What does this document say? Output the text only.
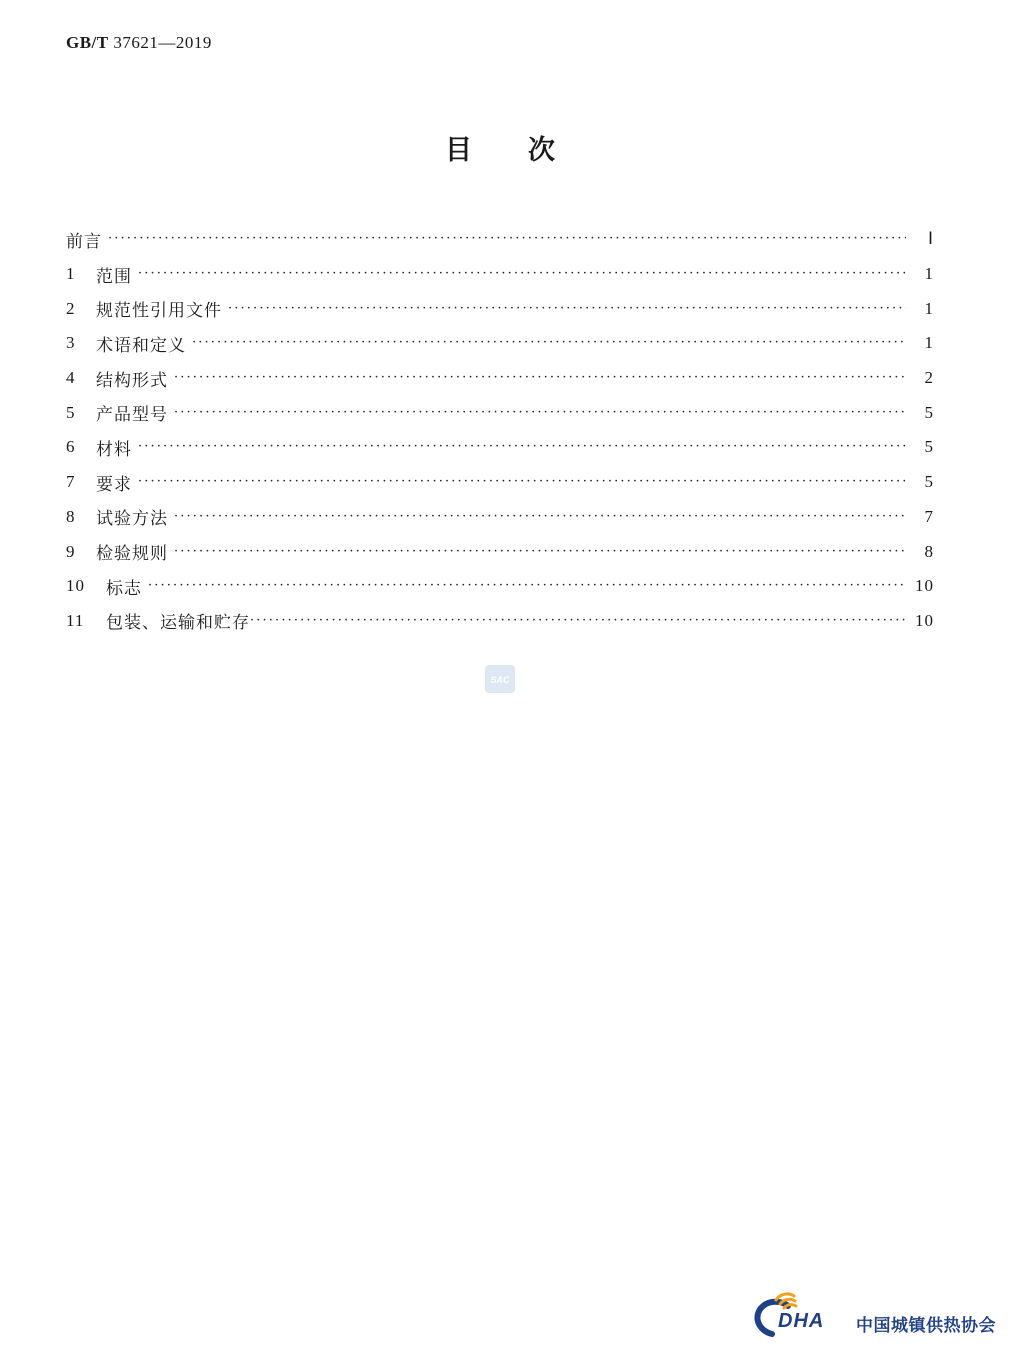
GB/T 37621—2019
目次
前言 · · ·	Ⅰ
1	范围 · · ·	1
2	规范性引用文件 · · ·	1
3	术语和定义 · · ·	1
4	结构形式 · · ·	2
5	产品型号 · · ·	5
6	材料 · · ·	5
7	要求 · · ·	5
8	试验方法 · · ·	7
9	检验规则 · · ·	8
10	标志 · · ·	10
11	包装、运输和贮存 · · ·	10
SAC
DHA 中国城镇供热协会
